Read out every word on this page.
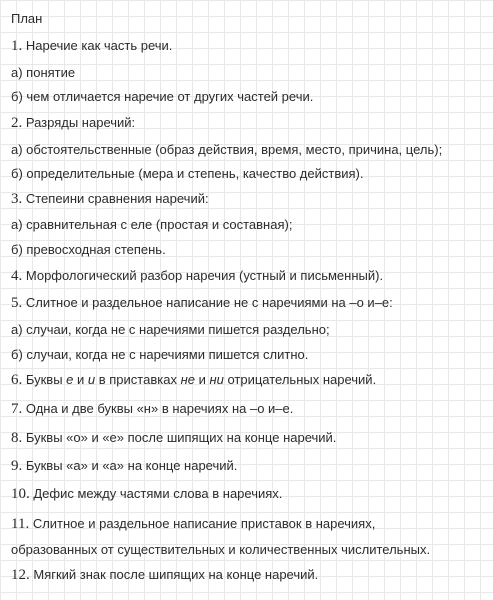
План
1. Наречие как часть речи.
а) понятие
б) чем отличается наречие от других частей речи.
2. Разряды наречий:
а) обстоятельственные (образ действия, время, место, причина, цель);
б) определительные (мера и степень, качество действия).
3. Степеини сравнения наречий:
а) сравнительная с еле (простая и составная);
б) превосходная степень.
4. Морфологический разбор наречия (устный и письменный).
5. Слитное и раздельное написание не с наречиями на –о и–е:
а) случаи, когда не с наречиями пишется раздельно;
б) случаи, когда не с наречиями пишется слитно.
6. Буквы е и и в приставках не и ни отрицательных наречий.
7. Одна и две буквы «н» в наречиях на –о и–е.
8. Буквы «о» и «е» после шипящих на конце наречий.
9. Буквы «а» и «а» на конце наречий.
10. Дефис между частями слова в наречиях.
11. Слитное и раздельное написание приставок в наречиях,
образованных от существительных и количественных числительных.
12. Мягкий знак после шипящих на конце наречий.
